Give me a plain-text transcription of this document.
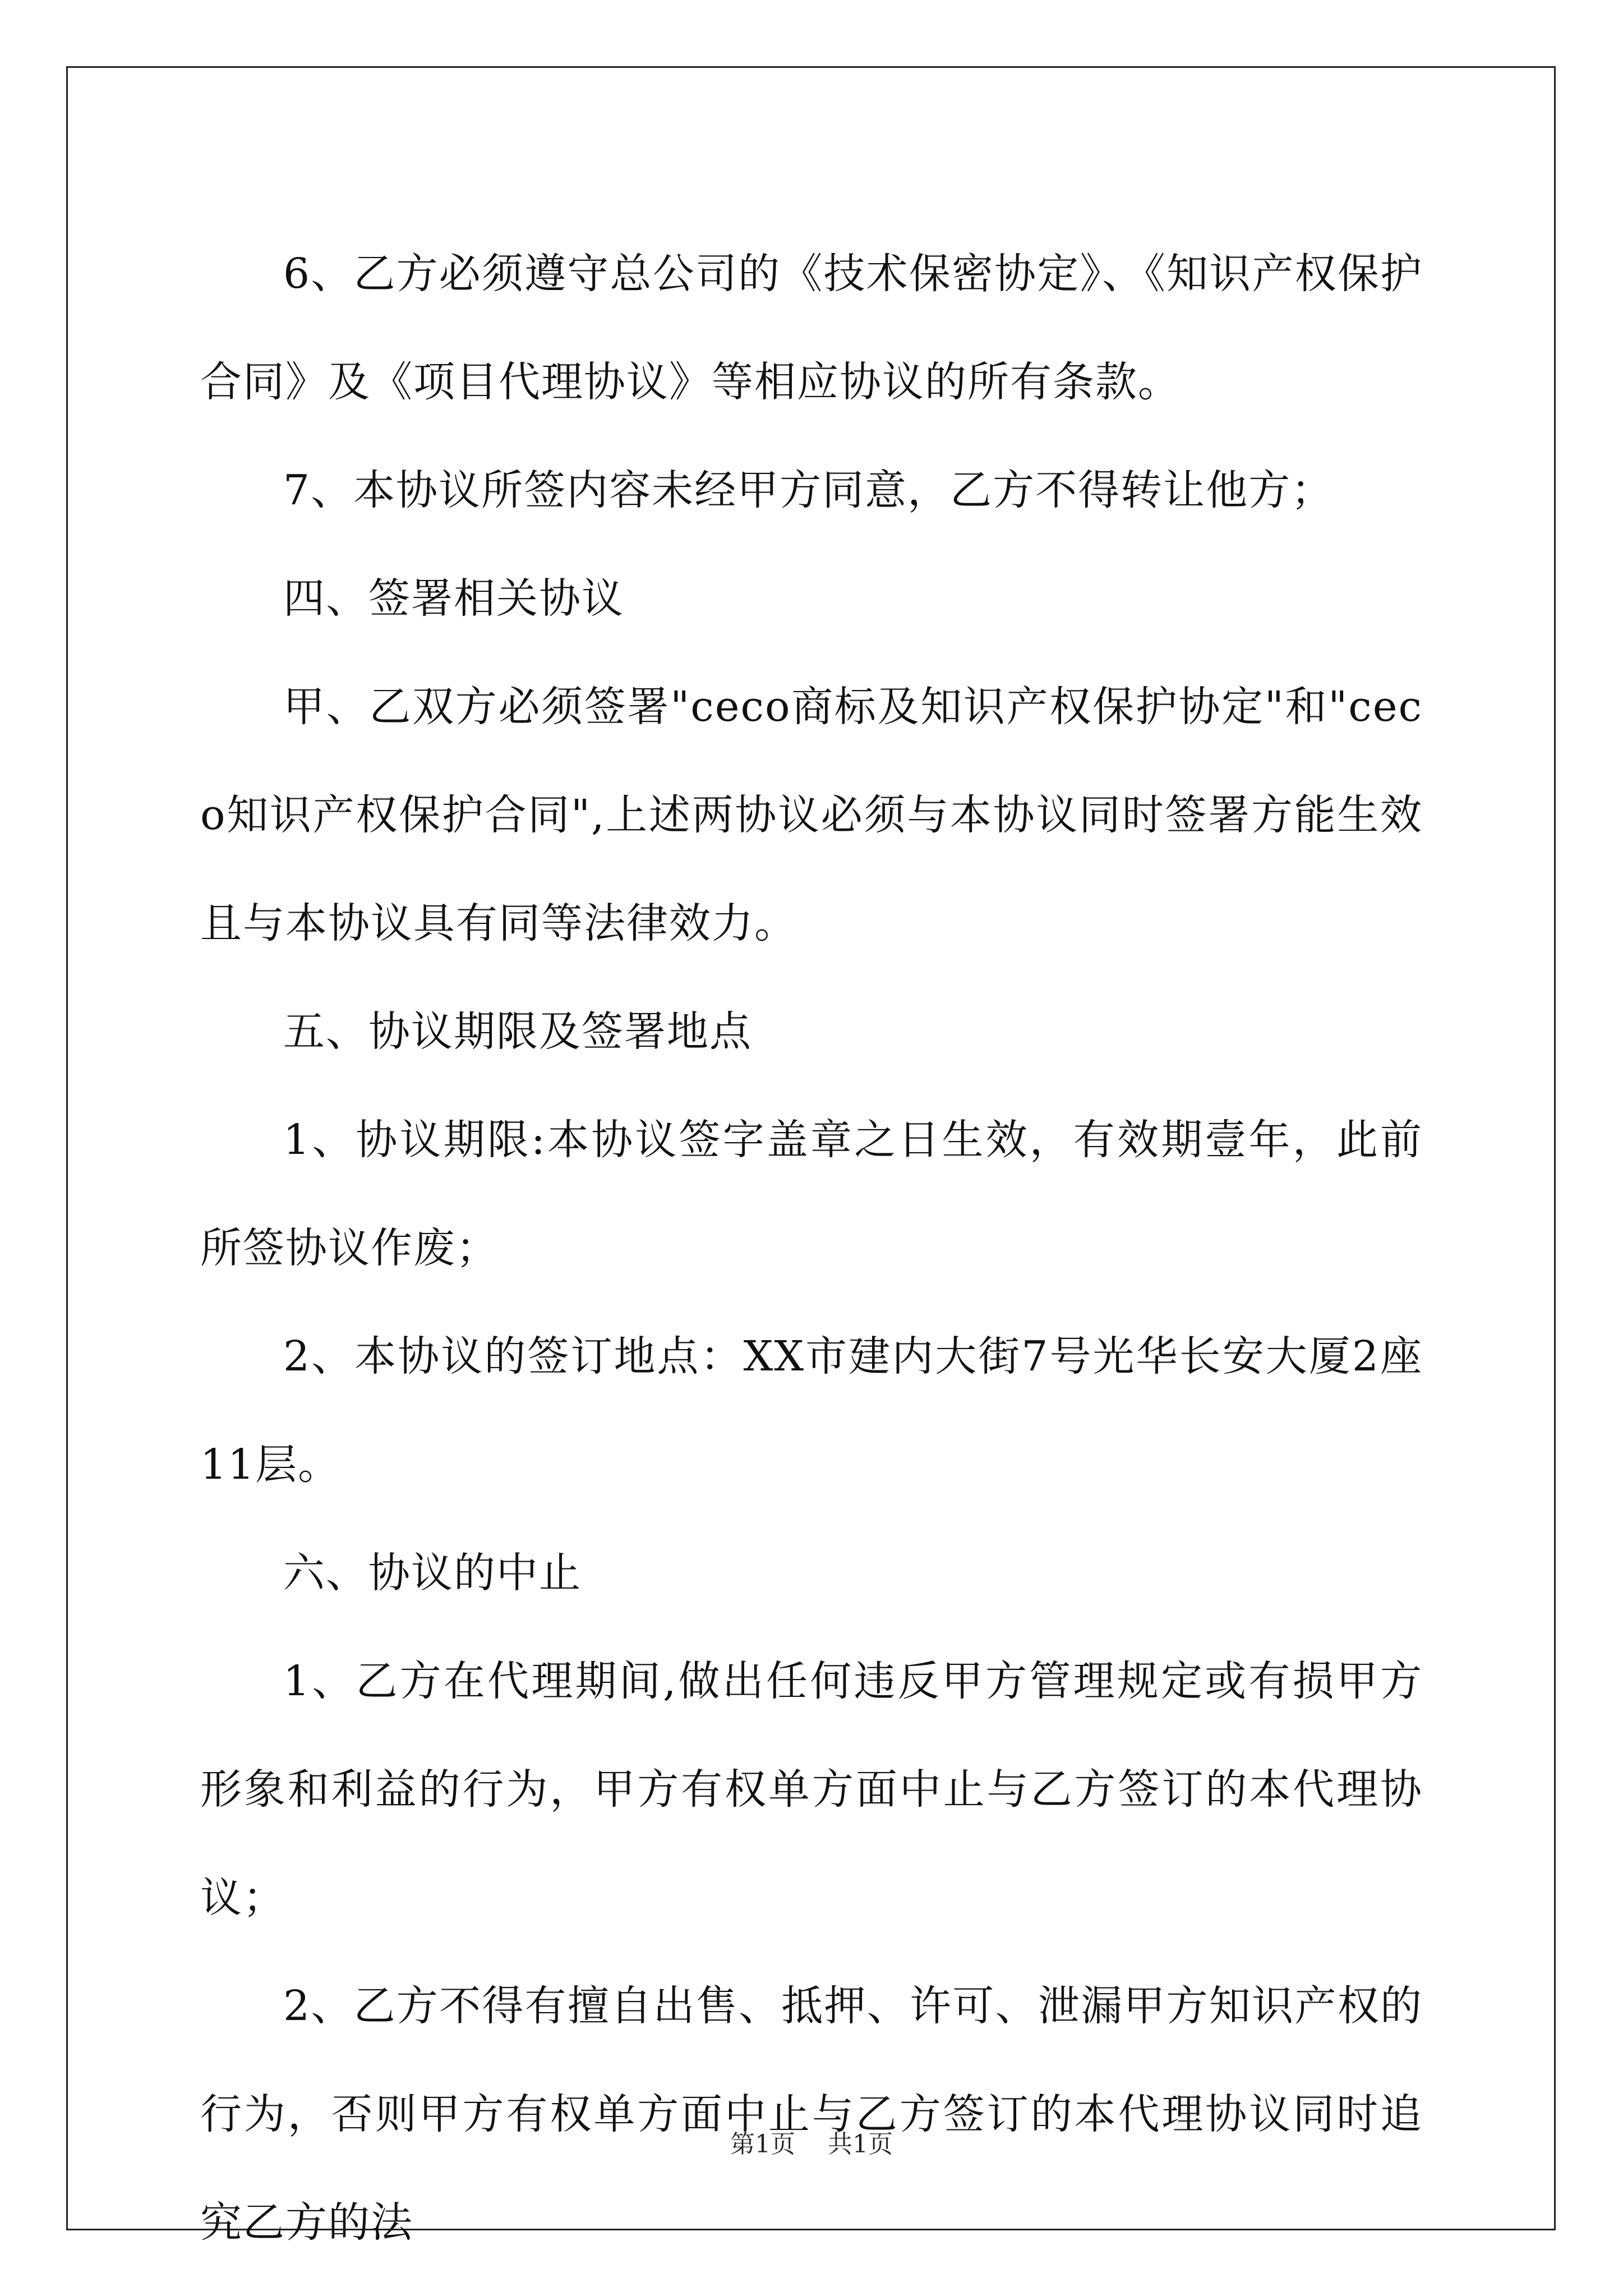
6、乙方必须遵守总公司的《技术保密协定》、《知识产权保护合同》及《项目代理协议》等相应协议的所有条款。

7、本协议所签内容未经甲方同意，乙方不得转让他方；

四、签署相关协议

甲、乙双方必须签署"ceco商标及知识产权保护协定"和"ceco知识产权保护合同",上述两协议必须与本协议同时签署方能生效且与本协议具有同等法律效力。

五、协议期限及签署地点

1、协议期限:本协议签字盖章之日生效，有效期壹年，此前所签协议作废；

2、本协议的签订地点：XX市建内大街7号光华长安大厦2座11层。

六、协议的中止

1、乙方在代理期间,做出任何违反甲方管理规定或有损甲方形象和利益的行为，甲方有权单方面中止与乙方签订的本代理协议；

2、乙方不得有擅自出售、抵押、许可、泄漏甲方知识产权的行为，否则甲方有权单方面中止与乙方签订的本代理协议同时追究乙方的法

第1页 共1页
